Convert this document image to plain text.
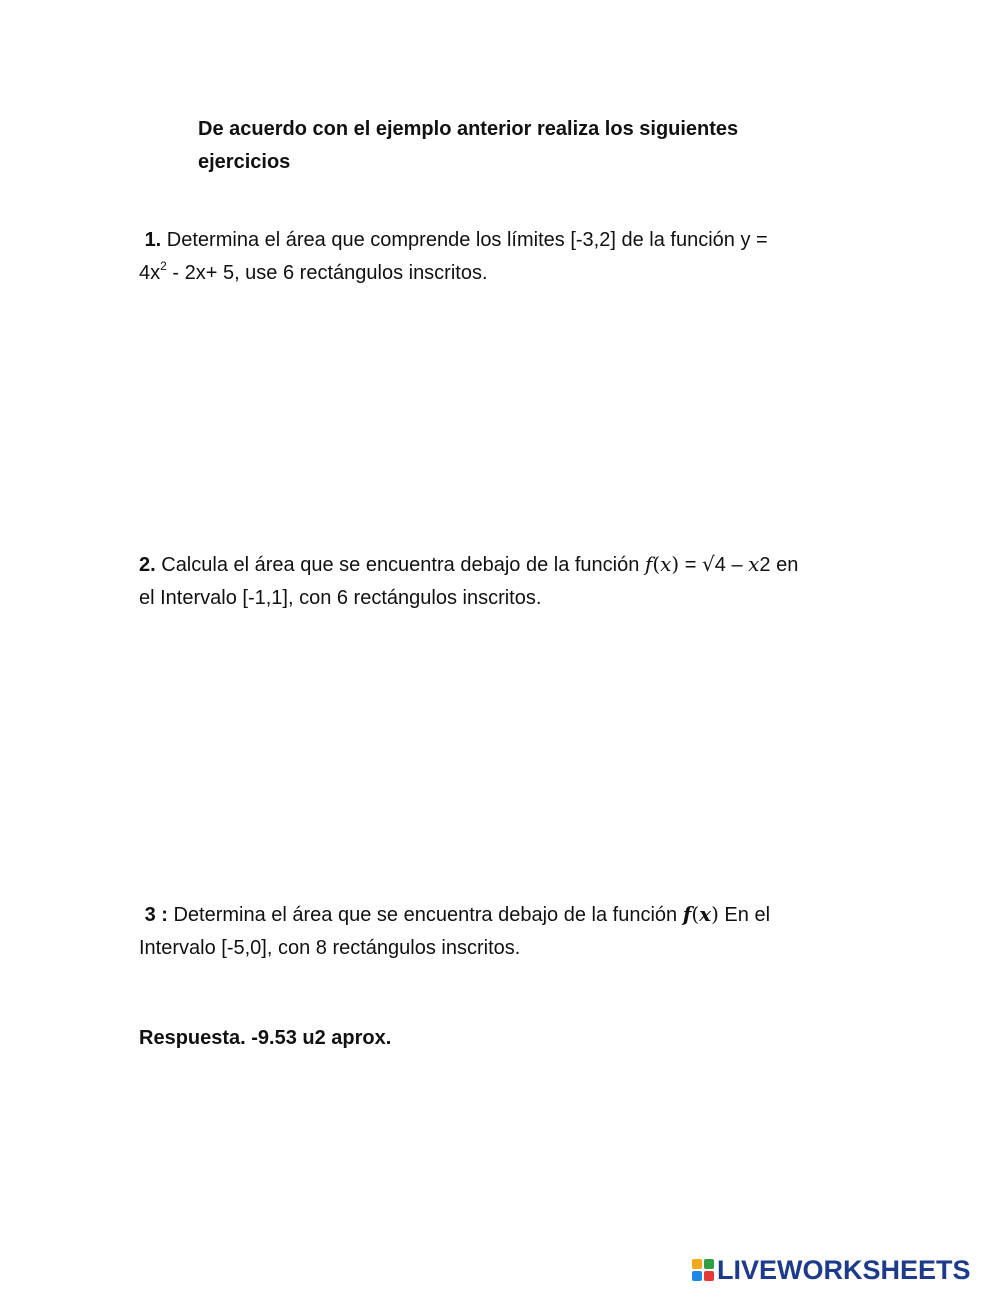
De acuerdo con el ejemplo anterior realiza los siguientes
ejercicios
1. Determina el área que comprende los límites [-3,2] de la función y =
$4x^2 - 2x+ 5$, use 6 rectángulos inscritos.
2. Calcula el área que se encuentra debajo de la función f(x) = √4 – x2 en
el Intervalo [-1,1], con 6 rectángulos inscritos.
3 : Determina el área que se encuentra debajo de la función f(x) En el
Intervalo [-5,0], con 8 rectángulos inscritos.
Respuesta. -9.53 u2 aprox.
LIVEWORKSHEETS
